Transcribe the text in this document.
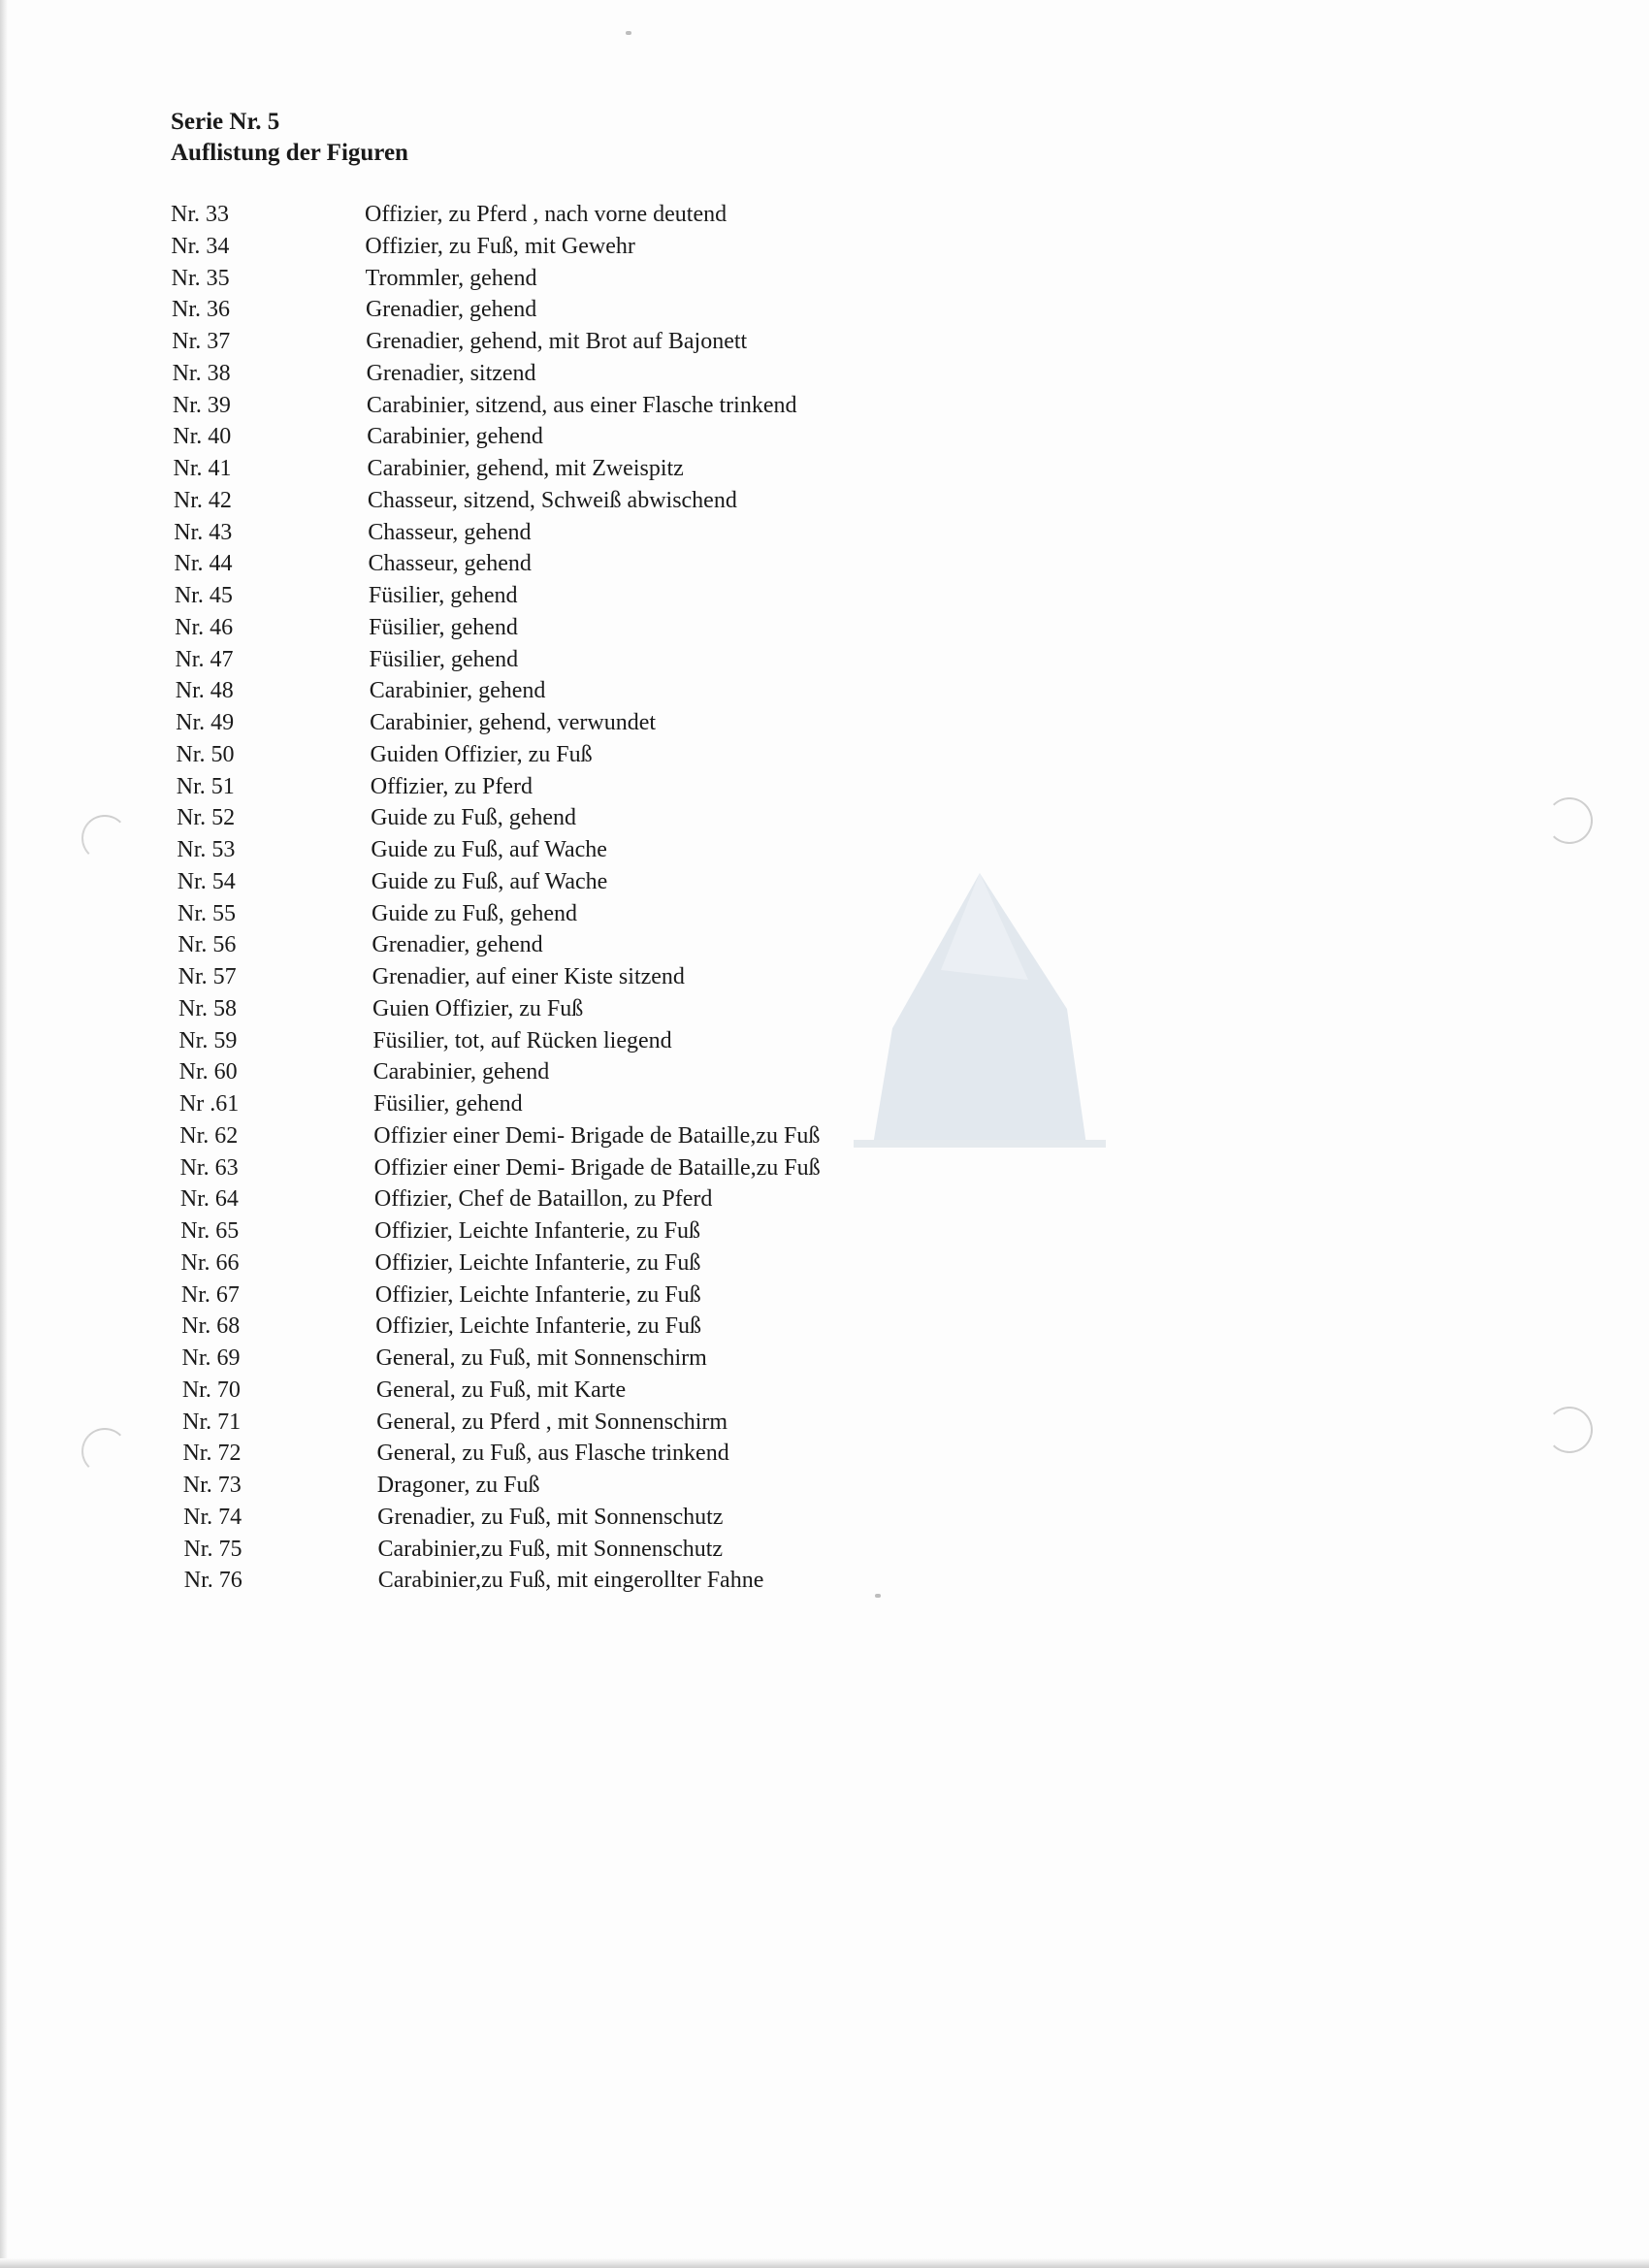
Serie Nr. 5

Auflistung der Figuren

Nr. 33	Offizier, zu Pferd , nach vorne deutend
Nr. 34	Offizier, zu Fuß, mit Gewehr
Nr. 35	Trommler, gehend
Nr. 36	Grenadier, gehend
Nr. 37	Grenadier, gehend, mit Brot auf Bajonett
Nr. 38	Grenadier, sitzend
Nr. 39	Carabinier, sitzend, aus einer Flasche trinkend
Nr. 40	Carabinier, gehend
Nr. 41	Carabinier, gehend, mit Zweispitz
Nr. 42	Chasseur, sitzend, Schweiß abwischend
Nr. 43	Chasseur, gehend
Nr. 44	Chasseur, gehend
Nr. 45	Füsilier, gehend
Nr. 46	Füsilier, gehend
Nr. 47	Füsilier, gehend
Nr. 48	Carabinier, gehend
Nr. 49	Carabinier, gehend, verwundet
Nr. 50	Guiden Offizier, zu Fuß
Nr. 51	Offizier, zu Pferd
Nr. 52	Guide zu Fuß, gehend
Nr. 53	Guide zu Fuß, auf Wache
Nr. 54	Guide zu Fuß, auf Wache
Nr. 55	Guide zu Fuß, gehend
Nr. 56	Grenadier, gehend
Nr. 57	Grenadier, auf einer Kiste sitzend
Nr. 58	Guien Offizier, zu Fuß
Nr. 59	Füsilier, tot, auf Rücken liegend
Nr. 60	Carabinier, gehend
Nr .61	Füsilier, gehend
Nr. 62	Offizier einer Demi- Brigade de Bataille,zu Fuß
Nr. 63	Offizier einer Demi- Brigade de Bataille,zu Fuß
Nr. 64	Offizier, Chef de Bataillon, zu Pferd
Nr. 65	Offizier, Leichte Infanterie, zu Fuß
Nr. 66	Offizier, Leichte Infanterie, zu Fuß
Nr. 67	Offizier, Leichte Infanterie, zu Fuß
Nr. 68	Offizier, Leichte Infanterie, zu Fuß
Nr. 69	General, zu Fuß, mit Sonnenschirm
Nr. 70	General, zu Fuß, mit Karte
Nr. 71	General, zu Pferd , mit Sonnenschirm
Nr. 72	General, zu Fuß, aus Flasche trinkend
Nr. 73	Dragoner, zu Fuß
Nr. 74	Grenadier, zu Fuß, mit Sonnenschutz
Nr. 75	Carabinier,zu Fuß, mit Sonnenschutz
Nr. 76	Carabinier,zu Fuß, mit eingerollter Fahne
